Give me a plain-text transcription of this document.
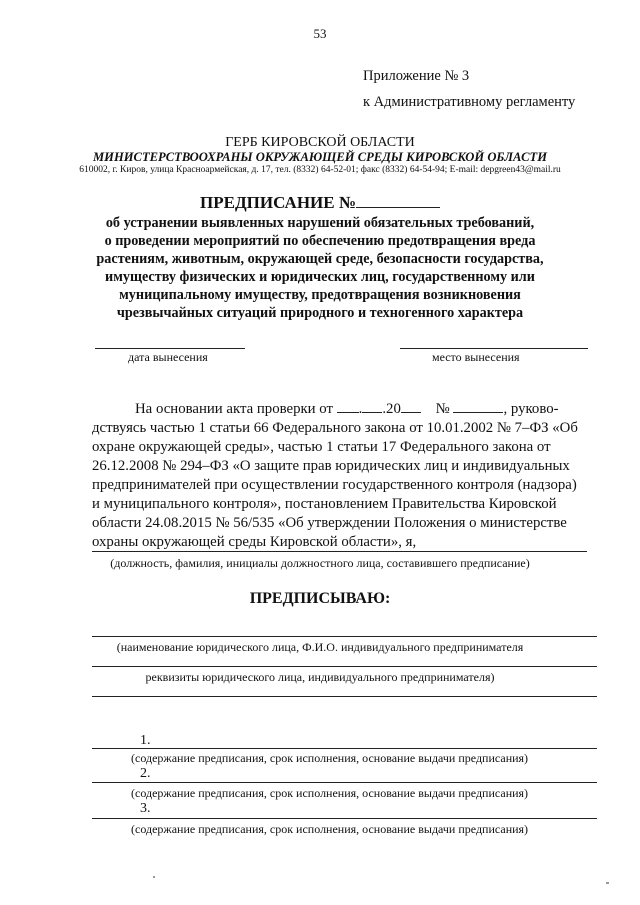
53
Приложение № 3
к Административному регламенту
ГЕРБ КИРОВСКОЙ ОБЛАСТИ
МИНИСТЕРСТВООХРАНЫ ОКРУЖАЮЩЕЙ СРЕДЫ КИРОВСКОЙ ОБЛАСТИ
610002, г. Киров, улица Красноармейская, д. 17, тел. (8332) 64-52-01; факс (8332) 64-54-94; E-mail: depgreen43@mail.ru
ПРЕДПИСАНИЕ №
об устранении выявленных нарушений обязательных требований,
о проведении мероприятий по обеспечению предотвращения вреда
растениям, животным, окружающей среде, безопасности государства,
имуществу физических и юридических лиц, государственному или
муниципальному имуществу, предотвращения возникновения
чрезвычайных ситуаций природного и техногенного характера
дата вынесения	место вынесения
На основании акта проверки от . .20 №	, руково-
дствуясь частью 1 статьи 66 Федерального закона от 10.01.2002 № 7–ФЗ «Об
охране окружающей среды», частью 1 статьи 17 Федерального закона от
26.12.2008 № 294–ФЗ «О защите прав юридических лиц и индивидуальных
предпринимателей при осуществлении государственного контроля (надзора)
и муниципального контроля», постановлением Правительства Кировской
области 24.08.2015 № 56/535 «Об утверждении Положения о министерстве
охраны окружающей среды Кировской области», я,
(должность, фамилия, инициалы должностного лица, составившего предписание)
ПРЕДПИСЫВАЮ:
(наименование юридического лица, Ф.И.О. индивидуального предпринимателя
реквизиты юридического лица, индивидуального предпринимателя)
1.
(содержание предписания, срок исполнения, основание выдачи предписания)
2.
(содержание предписания, срок исполнения, основание выдачи предписания)
3.
(содержание предписания, срок исполнения, основание выдачи предписания)
